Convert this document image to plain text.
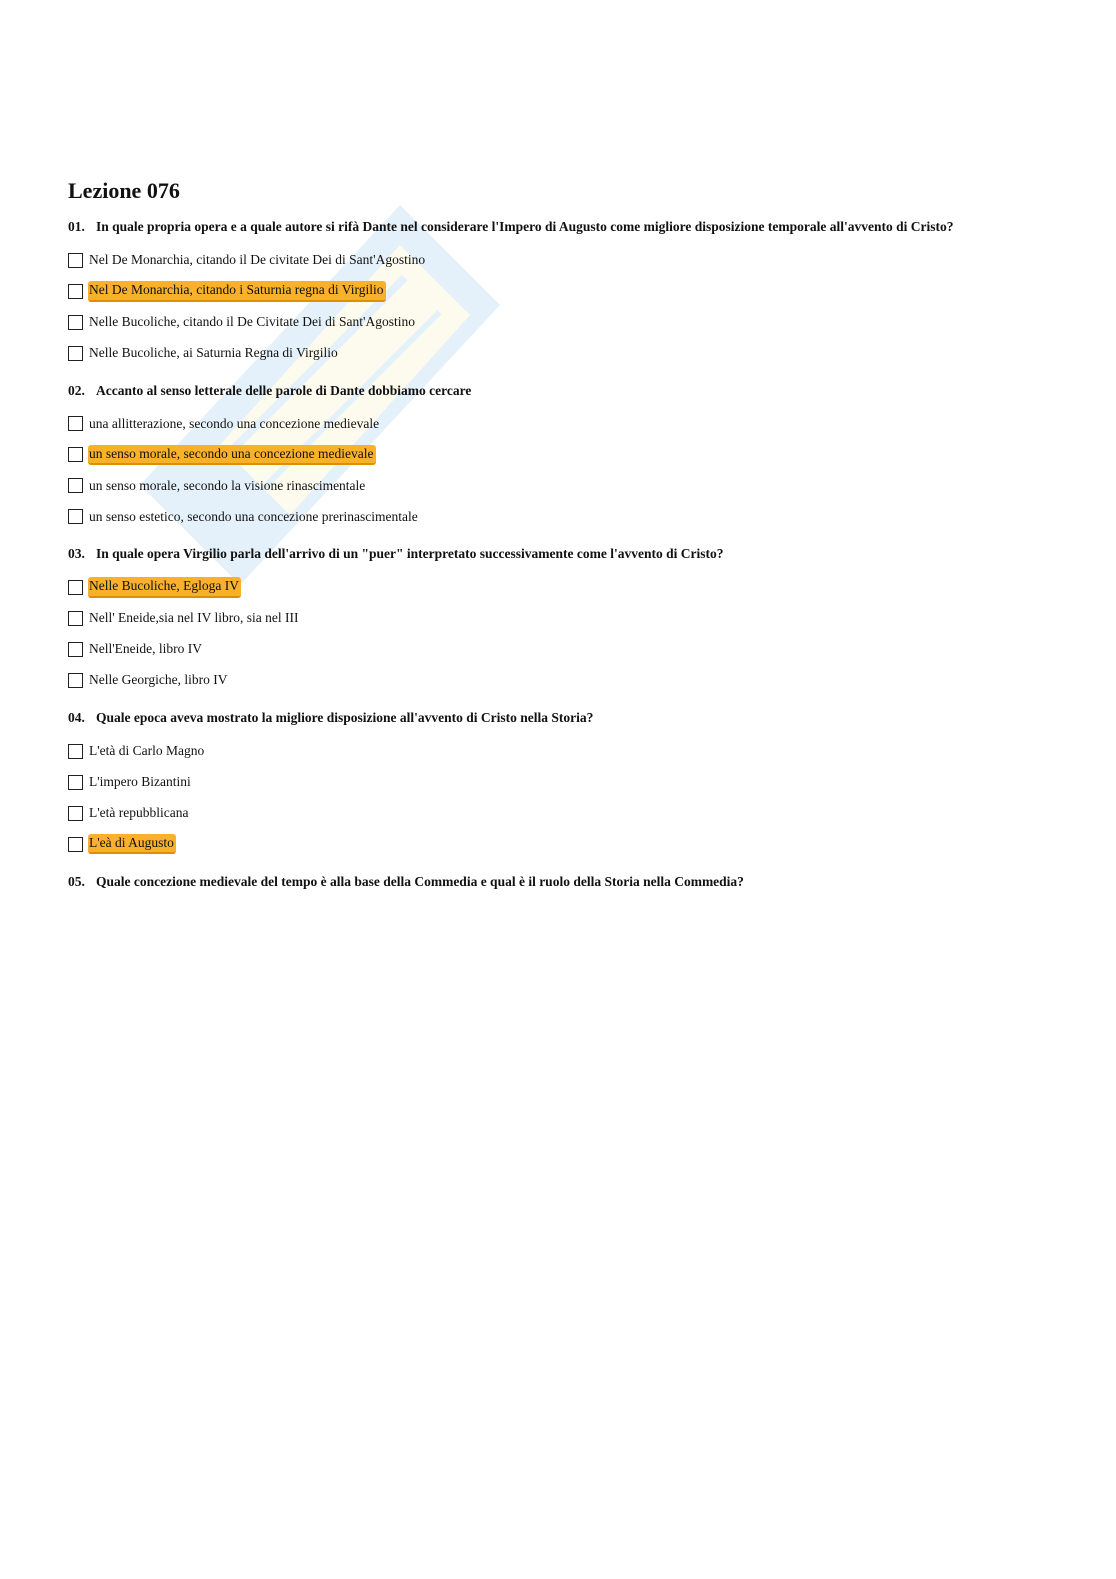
Lezione 076
01. In quale propria opera e a quale autore si rifà Dante nel considerare l'Impero di Augusto come migliore disposizione temporale all'avvento di Cristo?
Nel De Monarchia, citando il De civitate Dei di Sant'Agostino
Nel De Monarchia, citando i Saturnia regna di Virgilio
Nelle Bucoliche, citando il De Civitate Dei di Sant'Agostino
Nelle Bucoliche, ai Saturnia Regna di Virgilio
02. Accanto al senso letterale delle parole di Dante dobbiamo cercare
una allitterazione, secondo una concezione medievale
un senso morale, secondo una concezione medievale
un senso morale, secondo la visione rinascimentale
un senso estetico, secondo una concezione prerinascimentale
03. In quale opera Virgilio parla dell'arrivo di un "puer" interpretato successivamente come l'avvento di Cristo?
Nelle Bucoliche, Egloga IV
Nell' Eneide,sia nel IV libro, sia nel III
Nell'Eneide, libro IV
Nelle Georgiche, libro IV
04. Quale epoca aveva mostrato la migliore disposizione all'avvento di Cristo nella Storia?
L'età di Carlo Magno
L'impero Bizantini
L'età repubblicana
L'eà di Augusto
05. Quale concezione medievale del tempo è alla base della Commedia e qual è il ruolo della Storia nella Commedia?
